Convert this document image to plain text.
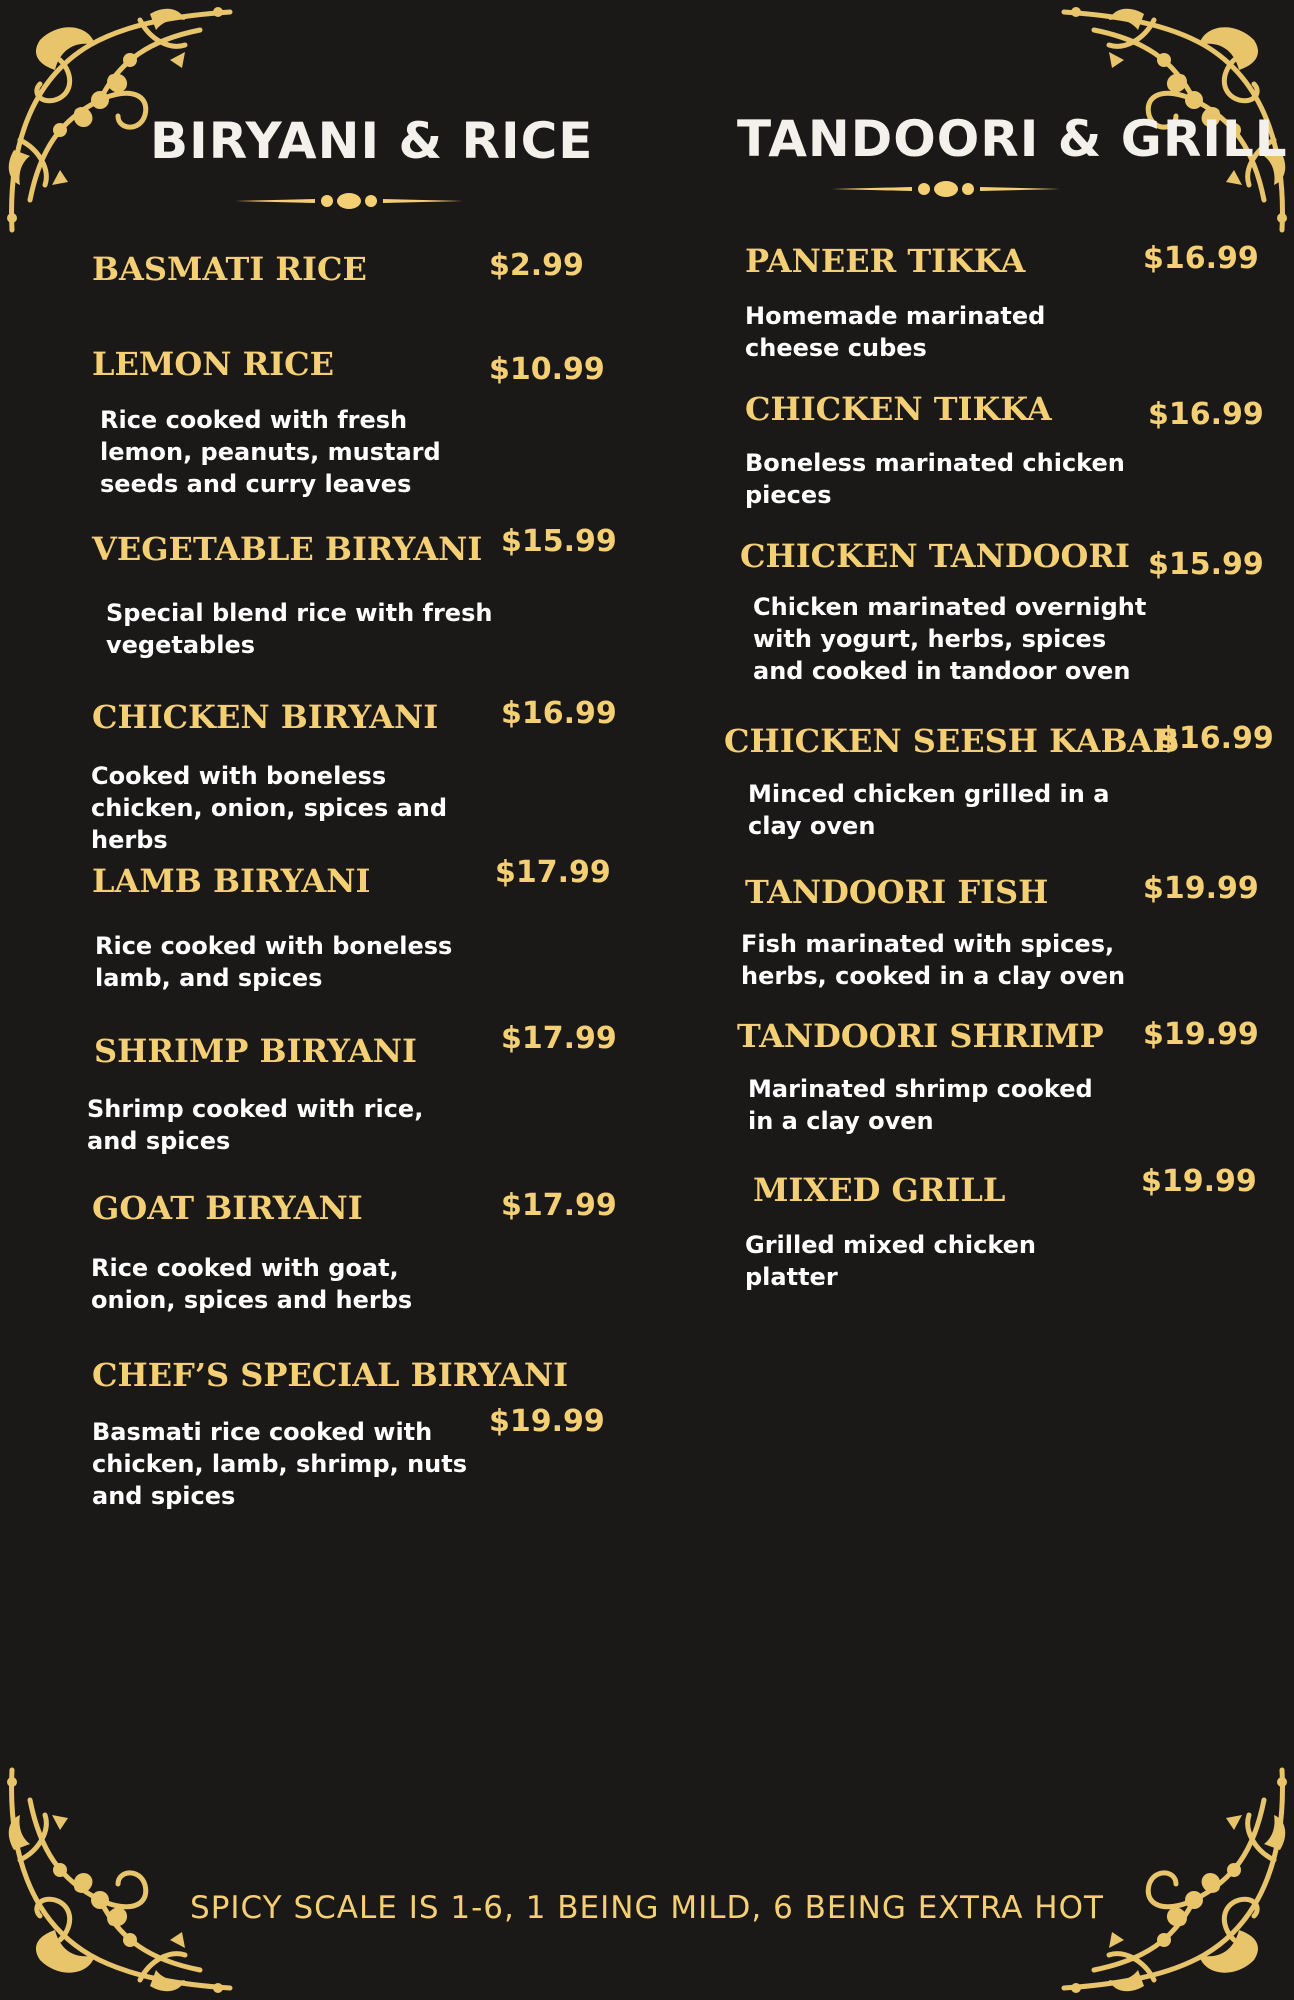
BIRYANI & RICE
BASMATI RICE	$2.99
LEMON RICE	$10.99

Rice cooked with fresh lemon, peanuts, mustard seeds and curry leaves

VEGETABLE BIRYANI $15.99

Special blend rice with fresh vegetables

CHICKEN BIRYANI $16.99

Cooked with boneless chicken, onion, spices and herbs

LAMB BIRYANI	$17.99

Rice cooked with boneless lamb, and spices

SHRIMP BIRYANI	$17.99

Shrimp cooked with rice, and spices

GOAT BIRYANI	$17.99

Rice cooked with goat, onion, spices and herbs

CHEF’S SPECIAL BIRYANI
$19.99

Basmati rice cooked with chicken, lamb, shrimp, nuts and spices

TANDOORI & GRILL
PANEER TIKKA	$16.99

Homemade marinated cheese cubes

CHICKEN TIKKA	$16.99

Boneless marinated chicken pieces

CHICKEN TANDOORI $15.99

Chicken marinated overnight with yogurt, herbs, spices and cooked in tandoor oven

CHICKEN SEESH KABAB
$16.99

Minced chicken grilled in a clay oven

TANDOORI FISH	$19.99

Fish marinated with spices, herbs, cooked in a clay oven

TANDOORI SHRIMP $19.99

Marinated shrimp cooked in a clay oven

MIXED GRILL	$19.99

Grilled mixed chicken platter

SPICY SCALE IS 1-6, 1 BEING MILD, 6 BEING EXTRA HOT
